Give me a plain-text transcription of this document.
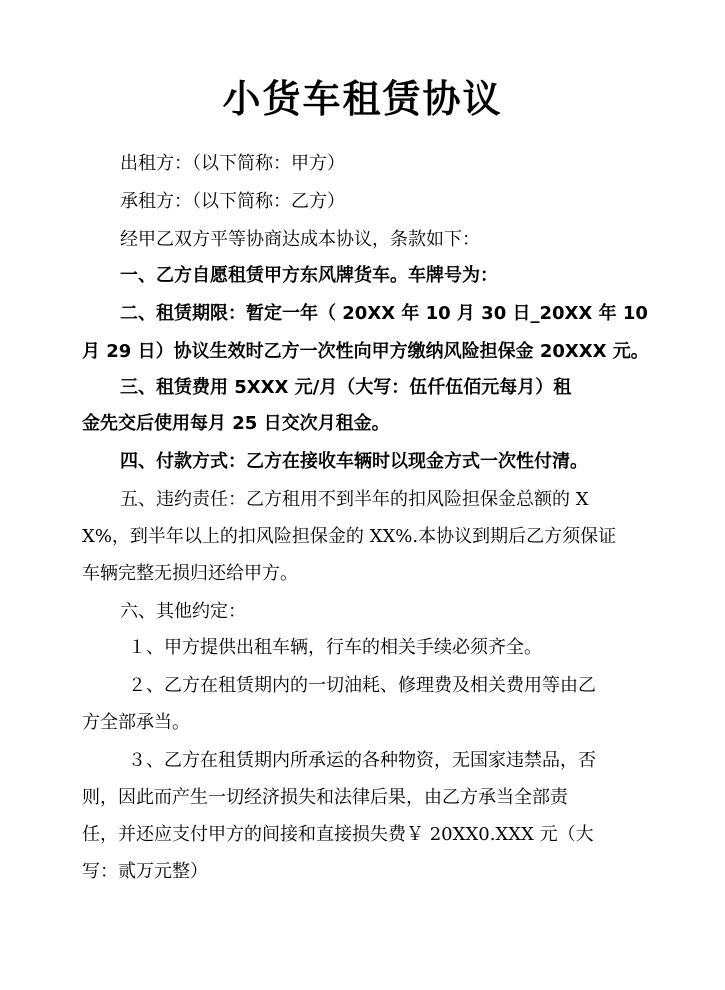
小货车租赁协议
出租方：（以下简称：甲方）
承租方：（以下简称：乙方）
经甲乙双方平等协商达成本协议，条款如下：
一、乙方自愿租赁甲方东风牌货车。车牌号为：
二、租赁期限：暂定一年（ 20XX 年 10 月 30 日_20XX 年 10
月 29 日）协议生效时乙方一次性向甲方缴纳风险担保金 20XXX 元。
三、租赁费用 5XXX 元/月（大写：伍仟伍佰元每月）租
金先交后使用每月 25 日交次月租金。
四、付款方式：乙方在接收车辆时以现金方式一次性付清。
五、违约责任：乙方租用不到半年的扣风险担保金总额的 X
X%，到半年以上的扣风险担保金的 XX%.本协议到期后乙方须保证
车辆完整无损归还给甲方。
六、其他约定：
１、甲方提供出租车辆，行车的相关手续必须齐全。
２、乙方在租赁期内的一切油耗、修理费及相关费用等由乙
方全部承当。
３、乙方在租赁期内所承运的各种物资，无国家违禁品，否
则，因此而产生一切经济损失和法律后果，由乙方承当全部责
任，并还应支付甲方的间接和直接损失费￥ 20XX0.XXX 元（大
写：贰万元整）
